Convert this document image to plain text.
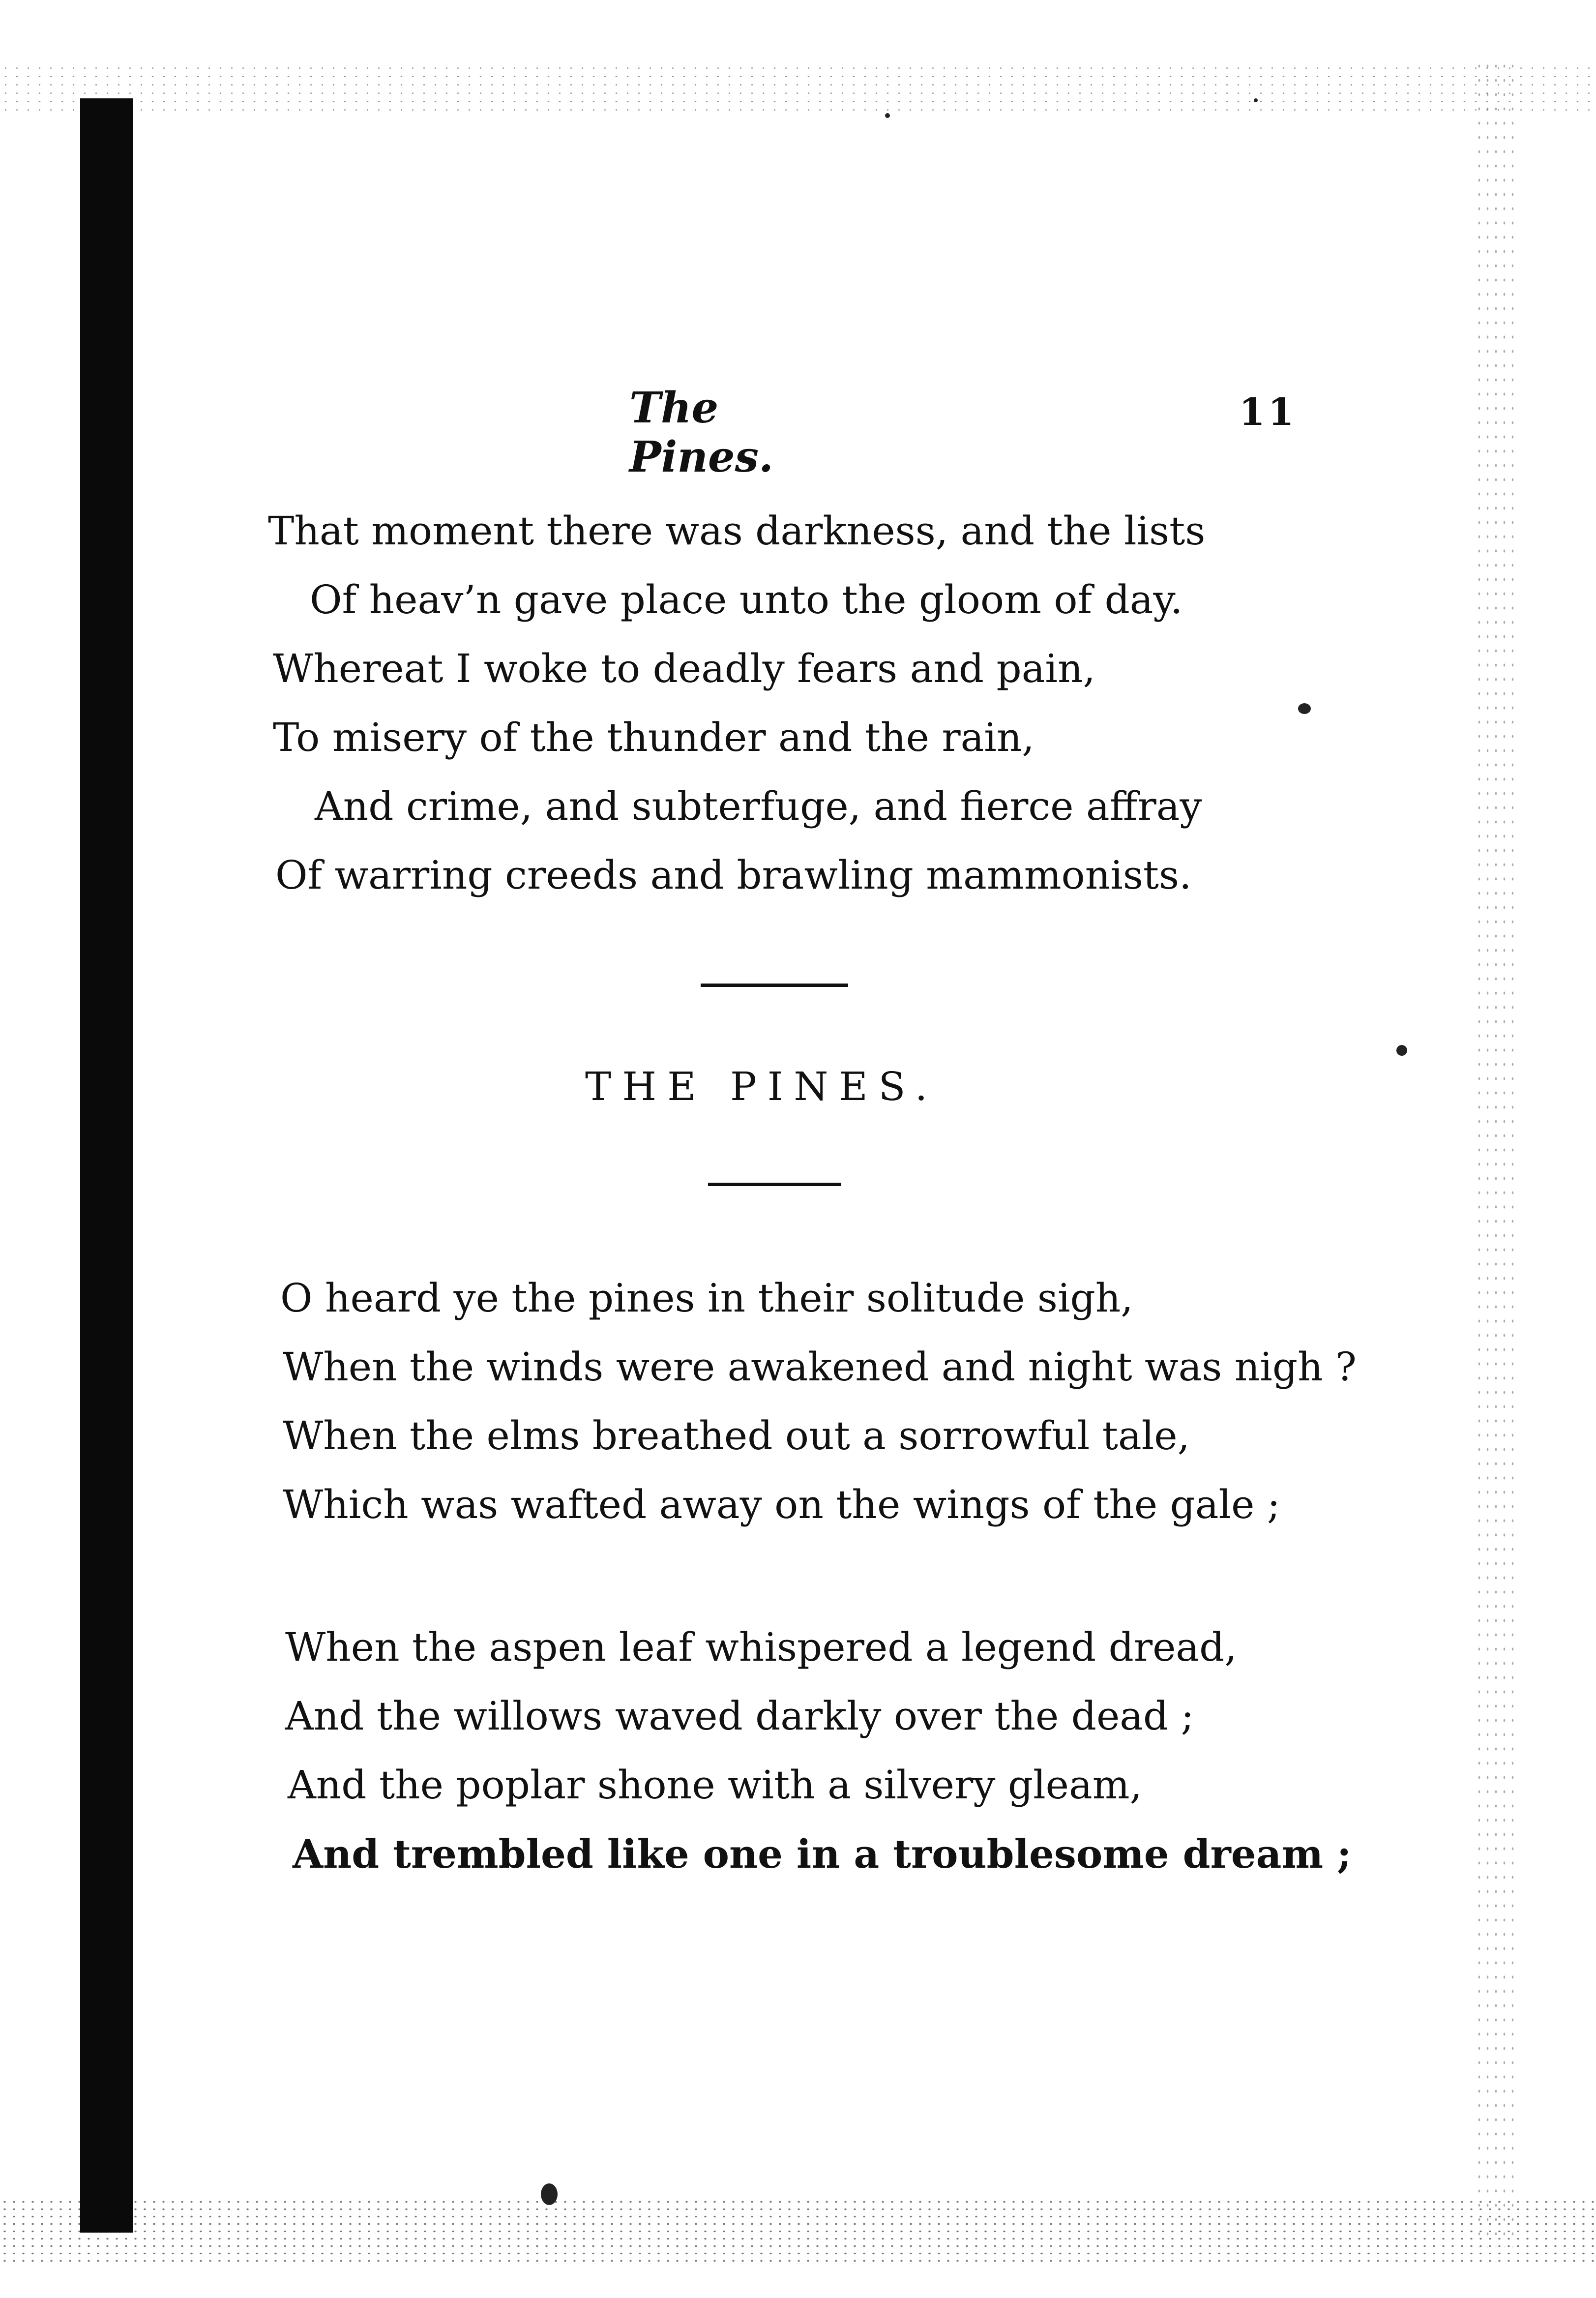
The Pines.
11
That moment there was darkness, and the lists
Of heav’n gave place unto the gloom of day.
Whereat I woke to deadly fears and pain,
To misery of the thunder and the rain,
And crime, and subterfuge, and fierce affray
Of warring creeds and brawling mammonists.
THE PINES.
O heard ye the pines in their solitude sigh,
When the winds were awakened and night was nigh ?
When the elms breathed out a sorrowful tale,
Which was wafted away on the wings of the gale ;
When the aspen leaf whispered a legend dread,
And the willows waved darkly over the dead ;
And the poplar shone with a silvery gleam,
And trembled like one in a troublesome dream ;
